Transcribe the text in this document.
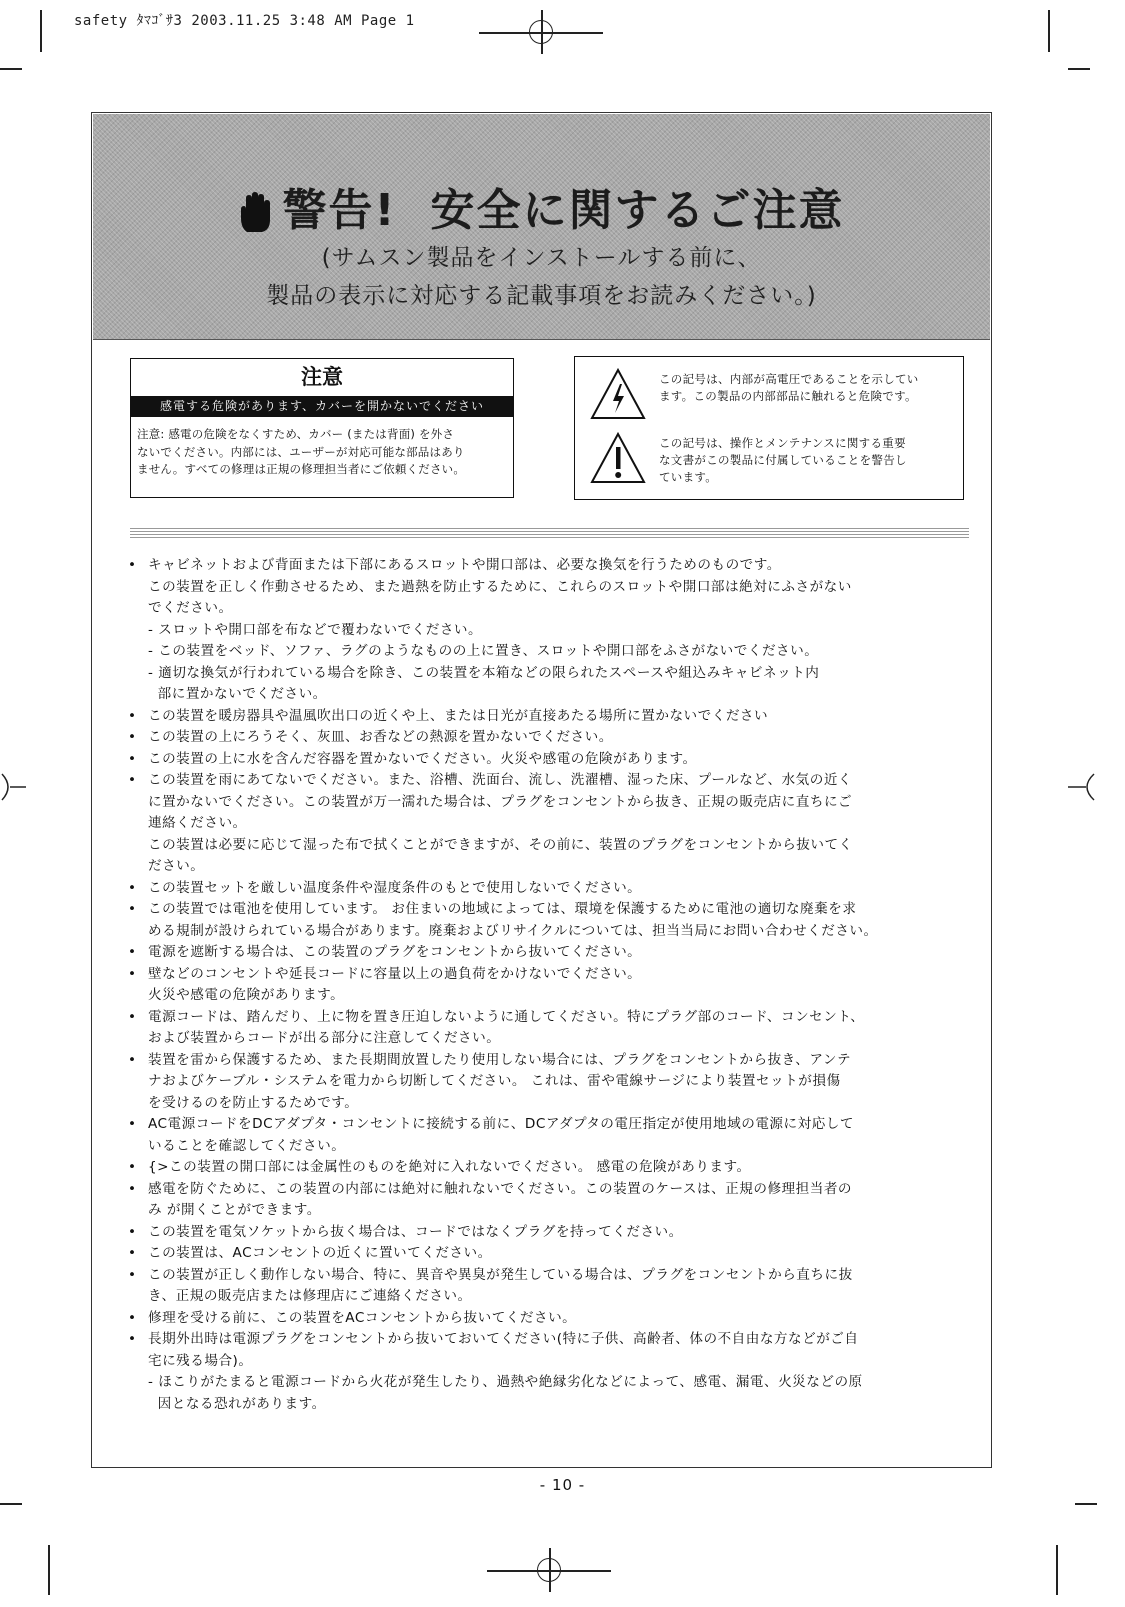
safety ﾀﾏｺﾞｻ3 2003.11.25 3:48 AM Page 1
警告! 安全に関するご注意
(サムスン製品をインストールする前に、
製品の表示に対応する記載事項をお読みください。)
注意
感電する危険があります、カバーを開かないでください
注意: 感電の危険をなくすため、カバー (または背面) を外さ
ないでください。内部には、ユーザーが対応可能な部品はあり
ません。すべての修理は正規の修理担当者にご依頼ください。
この記号は、内部が高電圧であることを示してい
ます。この製品の内部部品に触れると危険です。
この記号は、操作とメンテナンスに関する重要
な文書がこの製品に付属していることを警告し
ています。
• キャビネットおよび背面または下部にあるスロットや開口部は、必要な換気を行うためのものです。
この装置を正しく作動させるため、また過熱を防止するために、これらのスロットや開口部は絶対にふさがない
でください。
- スロットや開口部を布などで覆わないでください。
- この装置をベッド、ソファ、ラグのようなものの上に置き、スロットや開口部をふさがないでください。
- 適切な換気が行われている場合を除き、この装置を本箱などの限られたスペースや組込みキャビネット内
部に置かないでください。
• この装置を暖房器具や温風吹出口の近くや上、または日光が直接あたる場所に置かないでください
• この装置の上にろうそく、灰皿、お香などの熱源を置かないでください。
• この装置の上に水を含んだ容器を置かないでください。火災や感電の危険があります。
• この装置を雨にあてないでください。また、浴槽、洗面台、流し、洗濯槽、湿った床、プールなど、水気の近く
に置かないでください。この装置が万一濡れた場合は、プラグをコンセントから抜き、正規の販売店に直ちにご
連絡ください。
この装置は必要に応じて湿った布で拭くことができますが、その前に、装置のプラグをコンセントから抜いてく
ださい。
• この装置セットを厳しい温度条件や湿度条件のもとで使用しないでください。
• この装置では電池を使用しています。 お住まいの地域によっては、環境を保護するために電池の適切な廃棄を求
める規制が設けられている場合があります。廃棄およびリサイクルについては、担当当局にお問い合わせください。
• 電源を遮断する場合は、この装置のプラグをコンセントから抜いてください。
• 壁などのコンセントや延長コードに容量以上の過負荷をかけないでください。
火災や感電の危険があります。
• 電源コードは、踏んだり、上に物を置き圧迫しないように通してください。特にプラグ部のコード、コンセント、
および装置からコードが出る部分に注意してください。
• 装置を雷から保護するため、また長期間放置したり使用しない場合には、プラグをコンセントから抜き、アンテ
ナおよびケーブル・システムを電力から切断してください。 これは、雷や電線サージにより装置セットが損傷
を受けるのを防止するためです。
• AC電源コードをDCアダプタ・コンセントに接続する前に、DCアダプタの電圧指定が使用地域の電源に対応して
いることを確認してください。
• {>この装置の開口部には金属性のものを絶対に入れないでください。 感電の危険があります。
• 感電を防ぐために、この装置の内部には絶対に触れないでください。この装置のケースは、正規の修理担当者の
み が開くことができます。
• この装置を電気ソケットから抜く場合は、コードではなくプラグを持ってください。
• この装置は、ACコンセントの近くに置いてください。
• この装置が正しく動作しない場合、特に、異音や異臭が発生している場合は、プラグをコンセントから直ちに抜
き、正規の販売店または修理店にご連絡ください。
• 修理を受ける前に、この装置をACコンセントから抜いてください。
• 長期外出時は電源プラグをコンセントから抜いておいてください(特に子供、高齢者、体の不自由な方などがご自
宅に残る場合)。
- ほこりがたまると電源コードから火花が発生したり、過熱や絶縁劣化などによって、感電、漏電、火災などの原
因となる恐れがあります。
- 10 -
